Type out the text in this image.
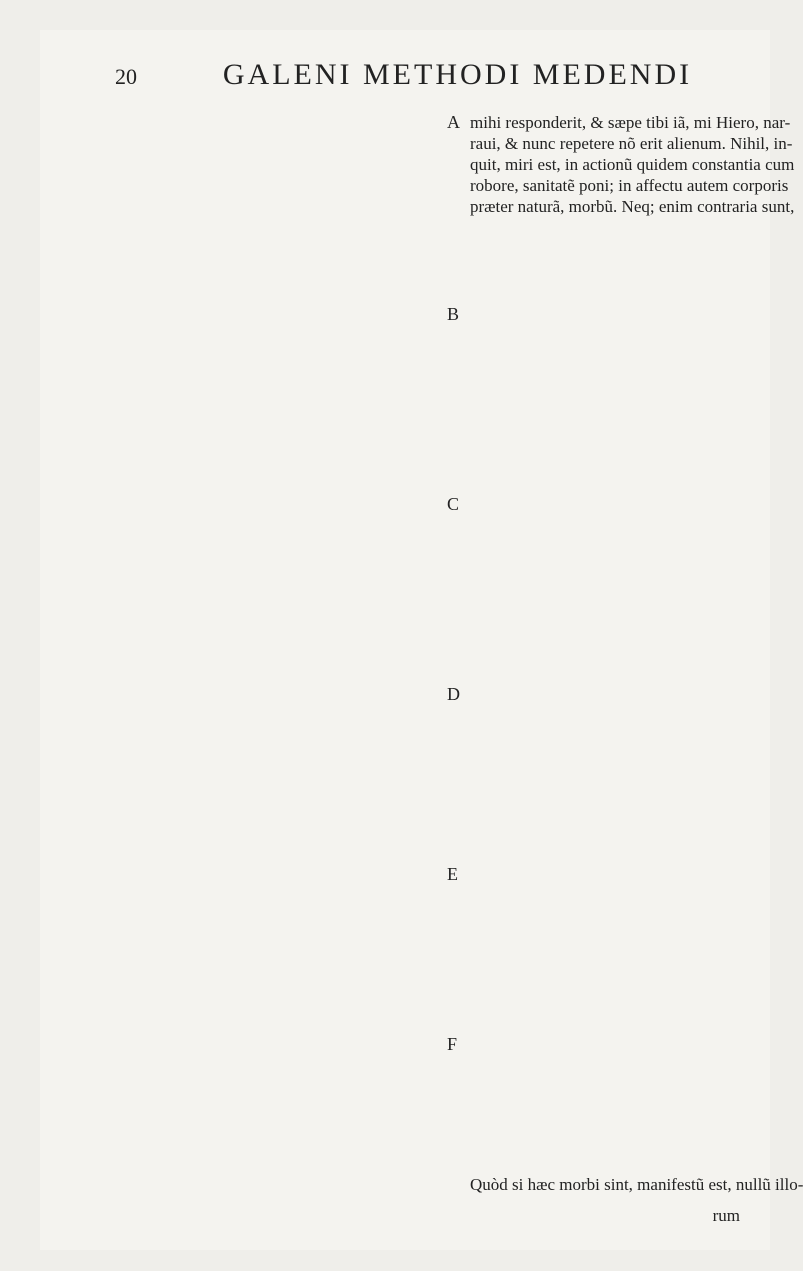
20	GALENI METHODI MEDENDI
A
B
C
D
E
F
mihi responderit, & sæpe tibi iã, mi Hiero, nar-
raui, & nunc repetere nõ erit alienum. Nihil, in-
quit, miri est, in actionũ quidem constantia cum
robore, sanitatẽ poni; in affectu autem corporis
præter naturã, morbũ. Neq; enim contraria sunt,
Quòd si hæc morbi sint, manifestũ est, nullũ illo-
rum
